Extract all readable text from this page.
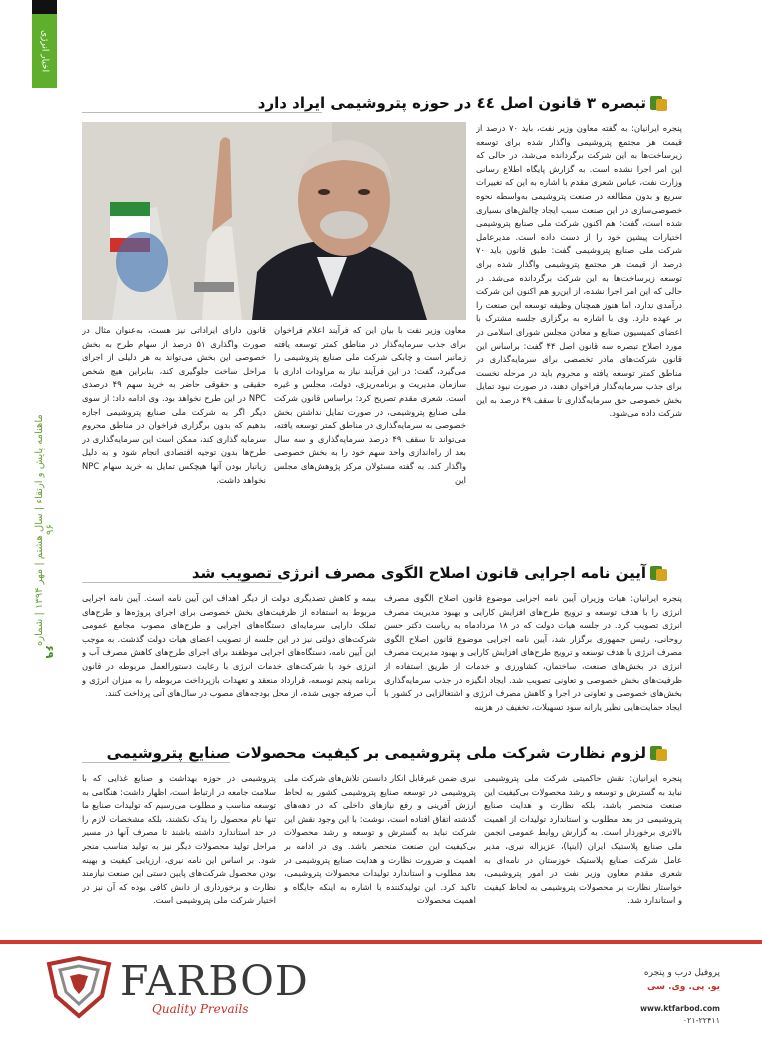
اخبار انرژی
ماهنامه پایش و ارتقاء | سال هشتم | مهر ۱۳۹۴ | شماره ۹۶
۶۹
تبصره ۳ قانون اصل ٤٤ در حوزه پتروشیمی ایراد دارد
پنجره ایرانیان: به گفته معاون وزیر نفت، باید ۷۰ درصد از قیمت هر مجتمع پتروشیمی واگذار شده برای توسعه زیرساخت‌ها به این شرکت برگردانده می‌شد، در حالی که این امر اجرا نشده است. به گزارش پایگاه اطلاع رسانی وزارت نفت، عباس شعری مقدم با اشاره به این که تغییرات سریع و بدون مطالعه در صنعت پتروشیمی به‌واسطه نحوه خصوصی‌سازی در این صنعت سبب ایجاد چالش‌های بسیاری شده است، گفت: هم اکنون شرکت ملی صنایع پتروشیمی اختیارات پیشین خود را از دست داده است. مدیرعامل شرکت ملی صنایع پتروشیمی گفت: طبق قانون باید ۷۰ درصد از قیمت هر مجتمع پتروشیمی واگذار شده برای توسعه زیرساخت‌ها به این شرکت برگردانده می‌شد. در حالی که این امر اجرا نشده، از این‌رو هم اکنون این شرکت درآمدی ندارد، اما هنوز همچنان وظیفه توسعه این صنعت را بر عهده دارد. وی با اشاره به برگزاری جلسه مشترک با اعضای کمیسیون صنایع و معادن مجلس شورای اسلامی در مورد اصلاح تبصره سه قانون اصل ۴۴ گفت: براساس این قانون شرکت‌های مادر تخصصی برای سرمایه‌گذاری در مناطق کمتر توسعه یافته و محروم باید در مرحله نخست برای جذب سرمایه‌گذار فراخوان دهند، در صورت نبود تمایل بخش خصوصی حق سرمایه‌گذاری تا سقف ۴۹ درصد به این شرکت داده می‌شود.
معاون وزیر نفت با بیان این که فرآیند اعلام فراخوان برای جذب سرمایه‌گذار در مناطق کمتر توسعه یافته زمانبر است و چابکی شرکت ملی صنایع پتروشیمی را می‌گیرد، گفت: در این فرآیند نیاز به مراودات اداری با سازمان مدیریت و برنامه‌ریزی، دولت، مجلس و غیره است. شعری مقدم تصریح کرد: براساس قانون شرکت ملی صنایع پتروشیمی، در صورت تمایل نداشتن بخش خصوصی به سرمایه‌گذاری در مناطق کمتر توسعه یافته، می‌تواند تا سقف ۴۹ درصد سرمایه‌گذاری و سه سال بعد از راه‌اندازی واحد سهم خود را به بخش خصوصی واگذار کند. به گفته مسئولان مرکز پژوهش‌های مجلس این
قانون دارای ایراداتی نیز هست، به‌عنوان مثال در صورت واگذاری ۵۱ درصد از سهام طرح به بخش خصوصی این بخش می‌تواند به هر دلیلی از اجرای مراحل ساخت جلوگیری کند، بنابراین هیچ شخص حقیقی و حقوقی حاضر به خرید سهم ۴۹ درصدی NPC در این طرح نخواهد بود. وی ادامه داد: از سوی دیگر اگر به شرکت ملی صنایع پتروشیمی اجازه بدهیم که بدون برگزاری فراخوان در مناطق محروم سرمایه گذاری کند، ممکن است این سرمایه‌گذاری در طرح‌ها بدون توجیه اقتصادی انجام شود و به دلیل زیانبار بودن آنها هیچکس تمایل به خرید سهام NPC نخواهد داشت.
آیین نامه اجرایی قانون اصلاح الگوی مصرف انرژی تصویب شد
پنجره ایرانیان: هیات وزیران آیین نامه اجرایی موضوع قانون اصلاح الگوی مصرف انرژی را با هدف توسعه و ترویج طرح‌های افزایش کارایی و بهبود مدیریت مصرف انرژی تصویب کرد. در جلسه هیات دولت که در ۱۸ مردادماه به ریاست دکتر حسن روحانی، رئیس جمهوری برگزار شد، آیین نامه اجرایی موضوع قانون اصلاح الگوی مصرف انرژی با هدف توسعه و ترویج طرح‌های افزایش کارایی و بهبود مدیریت مصرف انرژی در بخش‌های صنعت، ساختمان، کشاورزی و خدمات از طریق استفاده از ظرفیت‌های بخش خصوصی و تعاونی تصویب شد. ایجاد انگیزه در جذب سرمایه‌گذاری بخش‌های خصوصی و تعاونی در اجرا و کاهش مصرف انرژی و اشتغالزایی در کشور با ایجاد حمایت‌هایی نظیر یارانه سود تسهیلات، تخفیف در هزینه
بیمه و کاهش تصدیگری دولت از دیگر اهداف این آیین نامه است. آیین نامه اجرایی مربوط به استفاده از ظرفیت‌های بخش خصوصی برای اجرای پروژه‌ها و طرح‌های تملک دارایی سرمایه‌ای دستگاه‌های اجرایی و طرح‌های مصوب مجامع عمومی شرکت‌های دولتی نیز در این جلسه از تصویب اعضای هیات دولت گذشت. به موجب این آیین نامه، دستگاه‌های اجرایی موظفند برای اجرای طرح‌های کاهش مصرف آب و انرژی خود با شرکت‌های خدمات انرژی با رعایت دستورالعمل مربوطه در قانون برنامه پنجم توسعه، قرارداد منعقد و تعهدات بازپرداخت مربوطه را به میزان انرژی و آب صرفه جویی شده، از محل بودجه‌های مصوب در سال‌های آتی پرداخت کنند.
لزوم نظارت شرکت ملی پتروشیمی بر کیفیت محصولات صنایع پتروشیمی
پنجره ایرانیان: نقش حاکمیتی شرکت ملی پتروشیمی نباید به گسترش و توسعه و رشد محصولات بی‌کیفیت این صنعت منحصر باشد، بلکه نظارت و هدایت صنایع پتروشیمی در بعد مطلوب و استاندارد تولیدات از اهمیت بالاتری برخوردار است. به گزارش روابط عمومی انجمن ملی صنایع پلاستیک ایران (اینپا)، عزیزاله نیری، مدیر عامل شرکت صنایع پلاستیک خوزستان در نامه‌ای به شعری مقدم معاون وزیر نفت در امور پتروشیمی، خواستار نظارت بر محصولات پتروشیمی به لحاظ کیفیت و استاندارد شد.
نیری ضمن غیرقابل انکار دانستن تلاش‌های شرکت ملی پتروشیمی در توسعه صنایع پتروشیمی کشور به لحاظ ارزش آفرینی و رفع نیازهای داخلی که در دهه‌های گذشته اتفاق افتاده است، نوشت: با این وجود نقش این شرکت نباید به گسترش و توسعه و رشد محصولات بی‌کیفیت این صنعت منحصر باشد. وی در ادامه بر اهمیت و ضرورت نظارت و هدایت صنایع پتروشیمی در بعد مطلوب و استاندارد تولیدات محصولات پتروشیمی، تاکید کرد. این تولیدکننده با اشاره به اینکه جایگاه و اهمیت محصولات
پتروشیمی در حوزه بهداشت و صنایع غذایی که با سلامت جامعه در ارتباط است، اظهار داشت: هنگامی به توسعه مناسب و مطلوب می‌رسیم که تولیدات صنایع ما تنها نام محصول را یدک نکشند، بلکه مشخصات لازم را در حد استاندارد داشته باشند تا مصرف آنها در مسیر مراحل تولید محصولات دیگر نیز به تولید مناسب منجر شود. بر اساس این نامه نیری، ارزیابی کیفیت و بهینه بودن محصول شرکت‌های پایین دستی این صنعت نیازمند نظارت و برخورداری از دانش کافی بوده که آن نیز در اختیار شرکت ملی پتروشیمی است.
FARBOD
Quality Prevails
پروفیل درب و پنجره
یو. پی. وی. سی
www.ktfarbod.com
۰۲۱-۲۲۴۱۱
